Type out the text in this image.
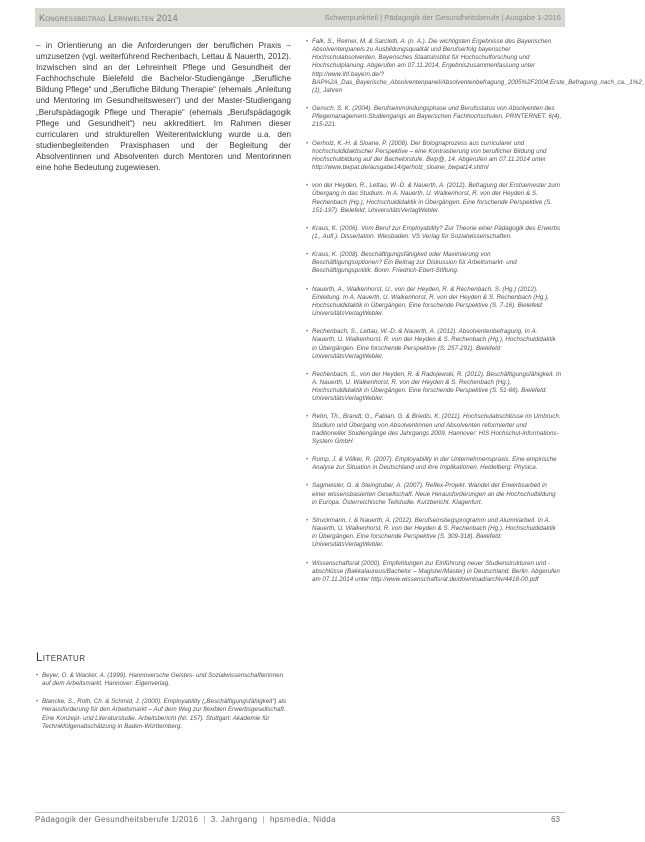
Kongressbeitrag Lernwelten 2014	Schwerpunktteil | Pädagogik der Gesundheitsberufe | Ausgabe 1-2016

– in Orientierung an die Anforderungen der beruflichen Praxis – umzusetzen (vgl. weiterführend Rechenbach, Lettau & Nauerth, 2012). Inzwischen sind an der Lehreinheit Pflege und Gesundheit der Fachhochschule Bielefeld die Bachelor-Studiengänge „Berufliche Bildung Pflege“ und „Berufliche Bildung Therapie“ (ehemals „Anleitung und Mentoring im Gesundheitswesen“) und der Master-Studiengang „Berufspädagogik Pflege und Therapie“ (ehemals „Berufspädagogik Pflege und Gesundheit“) neu akkreditiert. Im Rahmen dieser curricularen und strukturellen Weiterentwicklung wurde u.a. den studienbegleitenden Praxisphasen und der Begleitung der Absolventinnen und Absolventen durch Mentoren und Mentorinnen eine hohe Bedeutung zugewiesen.

Literatur
• Beyer, O. & Wacker, A. (1999). Hannoversche Geistes- und Sozialwissenschaftlerinnen auf dem Arbeitsmarkt. Hannover: Eigenverlag.
• Blancke, S., Roth, Ch. & Schmid, J. (2000). Employability („Beschäftigungsfähigkeit“) als Herausforderung für den Arbeitsmarkt – Auf dem Weg zur flexiblen Erwerbsgesellschaft. Eine Konzept- und Literaturstudie. Arbeitsbericht (Nr. 157). Stuttgart: Akademie für Technikfolgenabschätzung in Baden-Württemberg.
• Falk, S., Reimer, M. & Sarcletti, A. (o. A.). Die wichtigsten Ergebnisse des Bayerischen Absolventenpanels zu Ausbildungsqualität und Berufserfolg bayerischer Hochschulabsolventen. Bayerisches Staatsinstitut für Hochschulforschung und Hochschulplanung. Abgerufen am 07.11.2014, Ergebniszusammenfassung unter http://www.ihf.bayern.de/?BAP%2A_Das_Bayerische_Absolventenpanel/Absolventenbefragung_2005%2F2004:Erste_Befragung_nach_ca._1%2_ (1)_Jahren
• Gensch, S. K. (2004). Berufseinmündungsphase und Berufsstatus von Absolventen des Pflegemanagement-Studiengangs an Bayerischen Fachhochschulen. PRINTERNET, 6(4), 215-221.
• Gerholz, K.-H. & Sloane, P. (2008). Der Bolognaprozess aus curricularer und hochschuldidaktischer Perspektive – eine Kontrastierung von beruflicher Bildung und Hochschulbildung auf der Bachelorstufe. Bwp@, 14. Abgerufen am 07.11.2014 unter http://www.bwpat.de/ausgabe14/gerholz_sloane_bwpat14.shtml
• von der Heyden, R., Lettau, W.-D. & Nauerth, A. (2012). Befragung der Erstsemester zum Übergang in das Studium. In A. Nauerth, U. Walkenhorst, R. von der Heyden & S. Rechenbach (Hg.), Hochschuldidaktik in Übergängen. Eine forschende Perspektive (S. 151-197). Bielefeld: UniversitätsVerlagWebler.
• Kraus, K. (2006). Vom Beruf zur Employability? Zur Theorie einer Pädagogik des Erwerbs (1., Aufl.). Dissertation. Wiesbaden: VS Verlag für Sozialwissenschaften.
• Kraus, K. (2008). Beschäftigungsfähigkeit oder Maximierung von Beschäftigungsoptionen? Ein Beitrag zur Diskussion für Arbeitsmarkt- und Beschäftigungspolitik. Bonn: Friedrich-Ebert-Stiftung.
• Nauerth, A., Walkenhorst, U., von der Heyden, R. & Rechenbach, S. (Hg.) (2012). Einleitung. In A. Nauerth, U. Walkenhorst, R. von der Heyden & S. Rechenbach (Hg.), Hochschuldidaktik in Übergängen. Eine forschende Perspektive (S. 7-16). Bielefeld: UniversitätsVerlagWebler.
• Rechenbach, S., Lettau, W.-D. & Nauerth, A. (2012). Absolventenbefragung. In A. Nauerth, U. Walkenhorst, R. von der Heyden & S. Rechenbach (Hg.), Hochschuldidaktik in Übergängen. Eine forschende Perspektive (S. 257-291). Bielefeld: UniversitätsVerlagWebler.
• Rechenbach, S., von der Heyden, R. & Radojewski, R. (2012). Beschäftigungsfähigkeit. In A. Nauerth, U. Walkenhorst, R. von der Heyden & S. Rechenbach (Hg.), Hochschuldidaktik in Übergängen. Eine forschende Perspektive (S. 51-66). Bielefeld: UniversitätsVerlagWebler.
• Rehn, Th., Brandt, G., Fabian, G. & Briedis, K. (2011). Hochschulabschlüsse im Umbruch. Studium und Übergang von Absolventinnen und Absolventen reformierter und traditioneller Studiengänge des Jahrgangs 2009. Hannover: HIS Hochschul-Informations-System GmbH.
• Rump, J. & Völker, R. (2007). Employability in der Unternehmenspraxis. Eine empirische Analyse zur Situation in Deutschland und ihre Implikationen. Heidelberg: Physica.
• Sagmeister, G. & Steingruber, A. (2007). Reflex-Projekt. Wandel der Erwerbsarbeit in einer wissensbasierten Gesellschaft. Neue Herausforderungen an die Hochschulbildung in Europa. Österreichische Teilstudie. Kurzbericht. Klagenfurt.
• Struckmann, I. & Nauerth, A. (2012). Berufseinstiegsprogramm und Alumniarbeit. In A. Nauerth, U. Walkenhorst, R. von der Heyden & S. Rechenbach (Hg.), Hochschuldidaktik in Übergängen. Eine forschende Perspektive (S. 309-318). Bielefeld: UniversitätsVerlagWebler.
• Wissenschaftsrat (2000). Empfehlungen zur Einführung neuer Studienstrukturen und -abschlüsse (Bakkalaureus/Bachelor – Magister/Master) in Deutschland. Berlin. Abgerufen am 07.11.2014 unter http://www.wissenschaftsrat.de/download/archiv/4418-00.pdf
Pädagogik der Gesundheitsberufe 1/2016 | 3. Jahrgang | hpsmedia, Nidda	63
